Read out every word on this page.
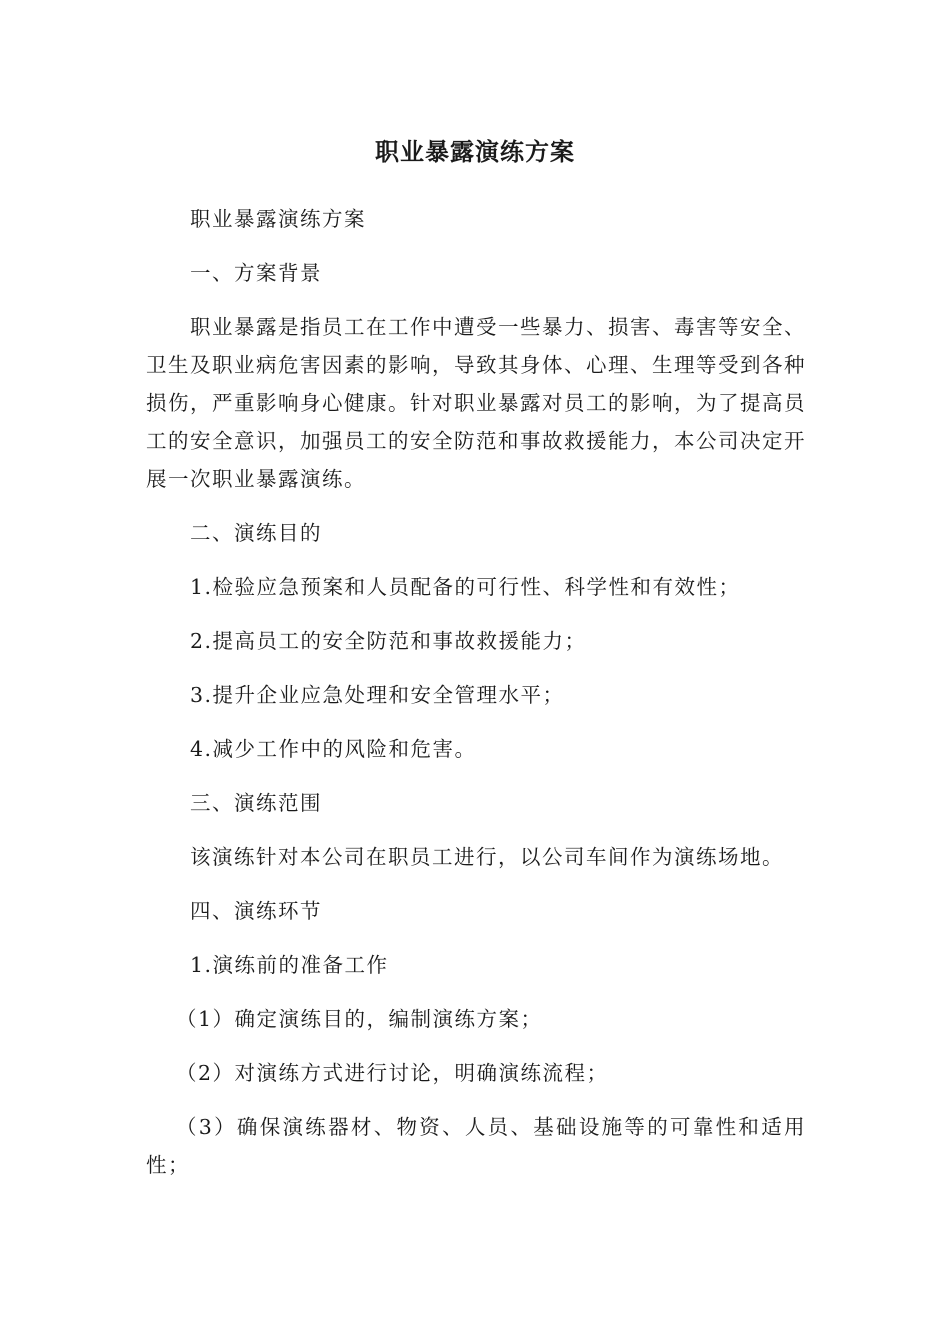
职业暴露演练方案

职业暴露演练方案

一、方案背景

职业暴露是指员工在工作中遭受一些暴力、损害、毒害等安全、卫生及职业病危害因素的影响，导致其身体、心理、生理等受到各种损伤，严重影响身心健康。针对职业暴露对员工的影响，为了提高员工的安全意识，加强员工的安全防范和事故救援能力，本公司决定开展一次职业暴露演练。

二、演练目的

1.检验应急预案和人员配备的可行性、科学性和有效性；

2.提高员工的安全防范和事故救援能力；

3.提升企业应急处理和安全管理水平；

4.减少工作中的风险和危害。

三、演练范围

该演练针对本公司在职员工进行，以公司车间作为演练场地。

四、演练环节

1.演练前的准备工作

（1）确定演练目的，编制演练方案；

（2）对演练方式进行讨论，明确演练流程；

（3）确保演练器材、物资、人员、基础设施等的可靠性和适用性；
